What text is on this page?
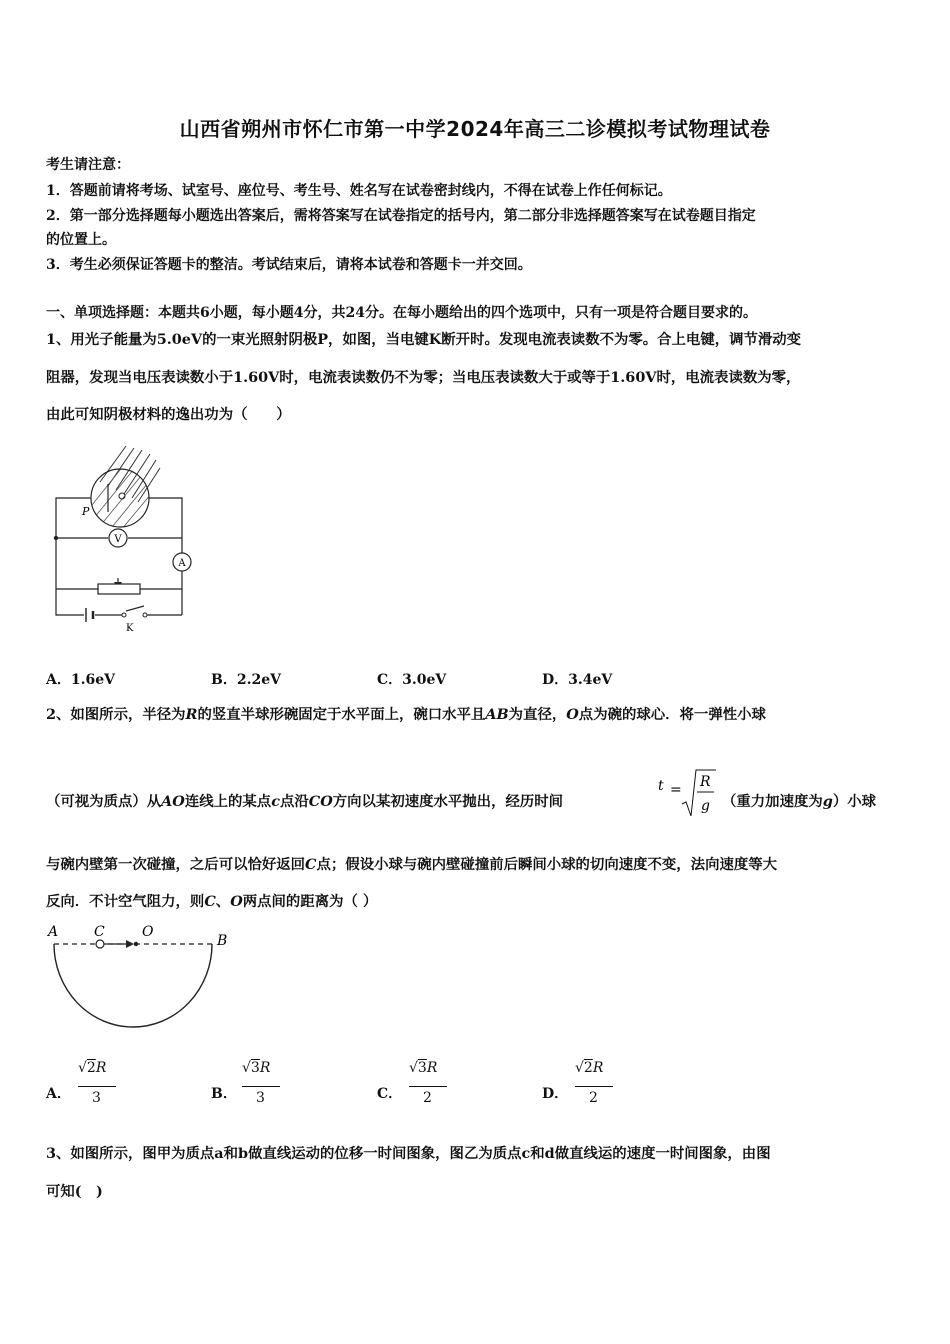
山西省朔州市怀仁市第一中学2024年高三二诊模拟考试物理试卷
考生请注意：
1．答题前请将考场、试室号、座位号、考生号、姓名写在试卷密封线内，不得在试卷上作任何标记。
2．第一部分选择题每小题选出答案后，需将答案写在试卷指定的括号内，第二部分非选择题答案写在试卷题目指定
的位置上。
3．考生必须保证答题卡的整洁。考试结束后，请将本试卷和答题卡一并交回。
一、单项选择题：本题共6小题，每小题4分，共24分。在每小题给出的四个选项中，只有一项是符合题目要求的。
1、用光子能量为5.0eV的一束光照射阴极P，如图，当电键K断开时。发现电流表读数不为零。合上电键，调节滑动变
阻器，发现当电压表读数小于1.60V时，电流表读数仍不为零；当电压表读数大于或等于1.60V时，电流表读数为零，
由此可知阴极材料的逸出功为（　　）
V
A
P
K
A．1.6eV	B．2.2eV	C．3.0eV	D．3.4eV
2、如图所示，半径为R的竖直半球形碗固定于水平面上，碗口水平且AB为直径，O点为碗的球心．将一弹性小球
（可视为质点）从AO连线上的某点c点沿CO方向以某初速度水平抛出，经历时间
t = R
g （重力加速度为g）小球
与碗内壁第一次碰撞，之后可以恰好返回C点；假设小球与碗内壁碰撞前后瞬间小球的切向速度不变，法向速度等大
反向．不计空气阻力，则C、O两点间的距离为（ ）
A	C	O
B
A．
√2R
3	B．
√3R
3	C．
√3R
2	D．
√2R
2
3、如图所示，图甲为质点a和b做直线运动的位移一时间图象，图乙为质点c和d做直线运的速度一时间图象，由图
可知(　)
